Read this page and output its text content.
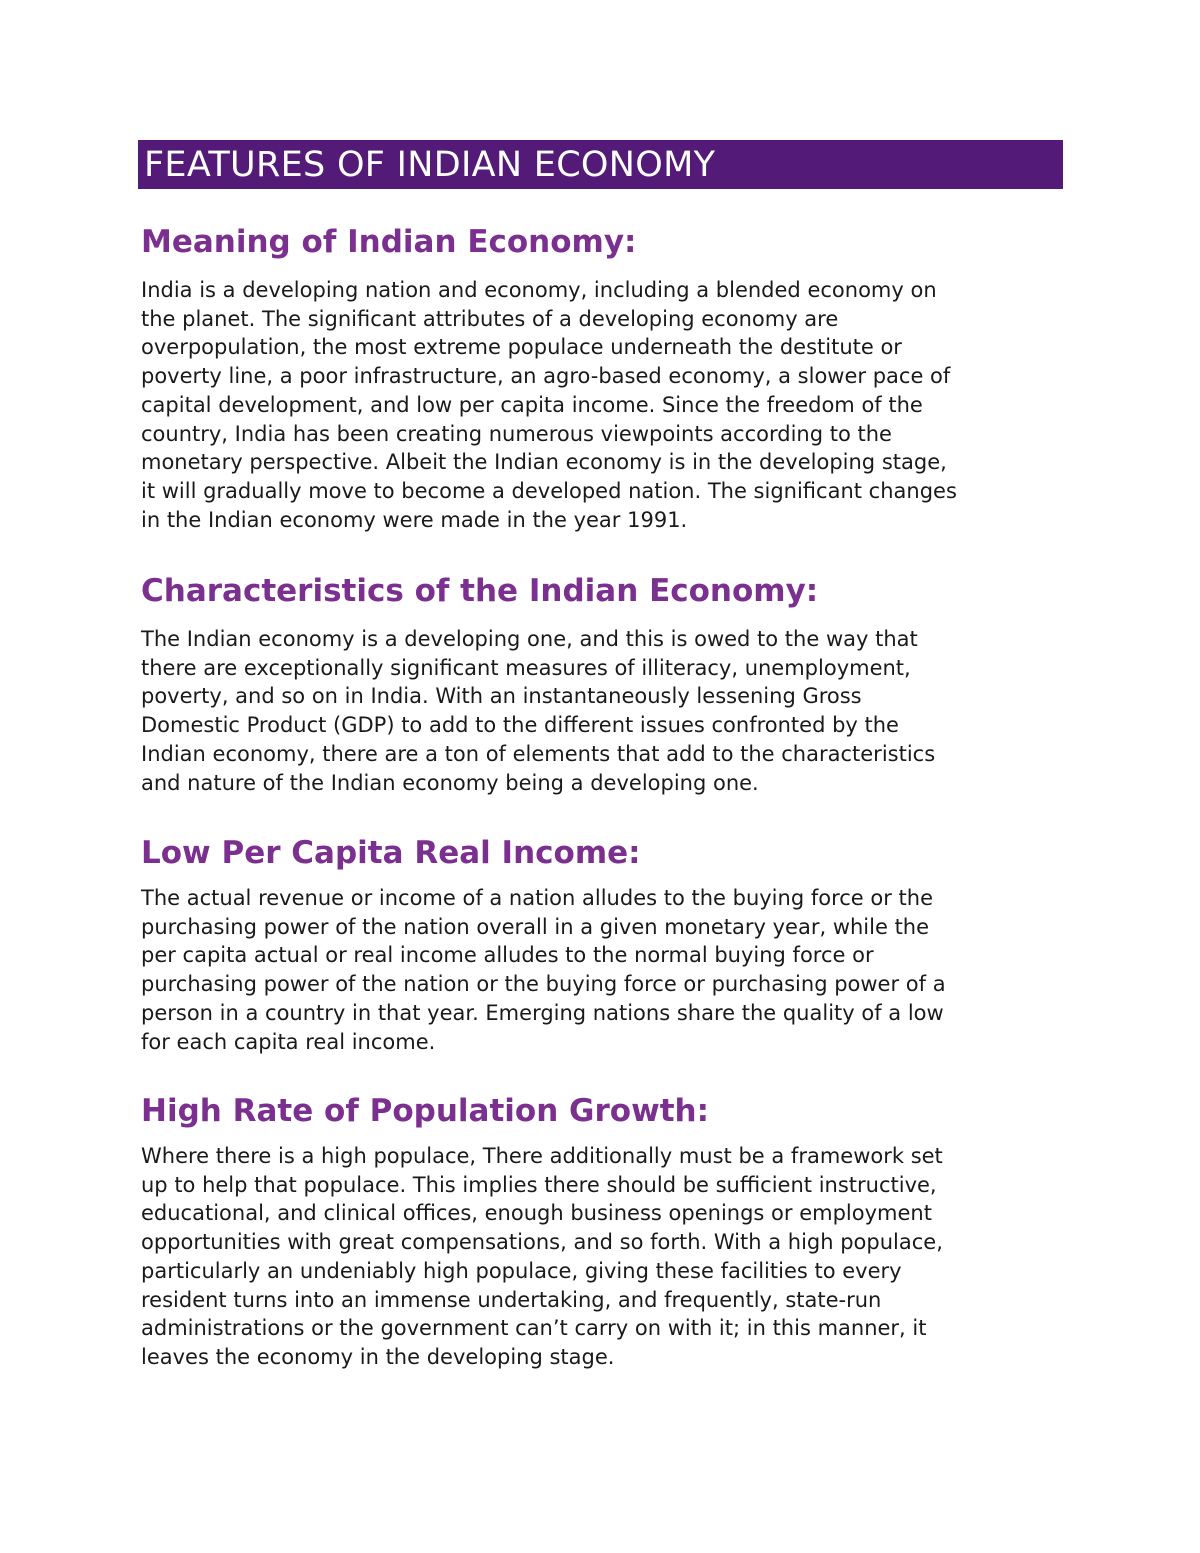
FEATURES OF INDIAN ECONOMY
Meaning of Indian Economy:

India is a developing nation and economy, including a blended economy on
the planet. The significant attributes of a developing economy are
overpopulation, the most extreme populace underneath the destitute or
poverty line, a poor infrastructure, an agro-based economy, a slower pace of
capital development, and low per capita income. Since the freedom of the
country, India has been creating numerous viewpoints according to the
monetary perspective. Albeit the Indian economy is in the developing stage,
it will gradually move to become a developed nation. The significant changes
in the Indian economy were made in the year 1991.

Characteristics of the Indian Economy:

The Indian economy is a developing one, and this is owed to the way that
there are exceptionally significant measures of illiteracy, unemployment,
poverty, and so on in India. With an instantaneously lessening Gross
Domestic Product (GDP) to add to the different issues confronted by the
Indian economy, there are a ton of elements that add to the characteristics
and nature of the Indian economy being a developing one.

Low Per Capita Real Income:

The actual revenue or income of a nation alludes to the buying force or the
purchasing power of the nation overall in a given monetary year, while the
per capita actual or real income alludes to the normal buying force or
purchasing power of the nation or the buying force or purchasing power of a
person in a country in that year. Emerging nations share the quality of a low
for each capita real income.

High Rate of Population Growth:

Where there is a high populace, There additionally must be a framework set
up to help that populace. This implies there should be sufficient instructive,
educational, and clinical offices, enough business openings or employment
opportunities with great compensations, and so forth. With a high populace,
particularly an undeniably high populace, giving these facilities to every
resident turns into an immense undertaking, and frequently, state-run
administrations or the government can’t carry on with it; in this manner, it
leaves the economy in the developing stage.
